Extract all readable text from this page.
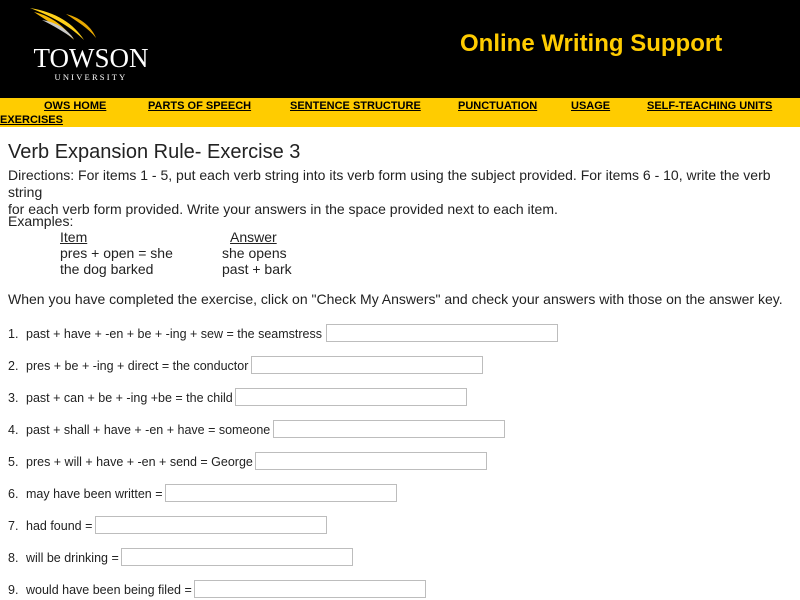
TOWSON
UNIVERSITY
Online Writing Support
OWS HOME	PARTS OF SPEECH	SENTENCE STRUCTURE	PUNCTUATION	USAGE	SELF-TEACHING UNITS
EXERCISES
Verb Expansion Rule- Exercise 3
Directions: For items 1 - 5, put each verb string into its verb form using the subject provided. For items 6 - 10, write the verb string
for each verb form provided. Write your answers in the space provided next to each item.
Examples:
Item	Answer
pres + open = she	she opens
the dog barked	past + bark
When you have completed the exercise, click on "Check My Answers" and check your answers with those on the answer key.
1. past + have + -en + be + -ing + sew = the seamstress
2. pres + be + -ing + direct = the conductor
3. past + can + be + -ing +be = the child
4. past + shall + have + -en + have = someone
5. pres + will + have + -en + send = George
6. may have been written =
7. had found =
8. will be drinking =
9. would have been being filed =
